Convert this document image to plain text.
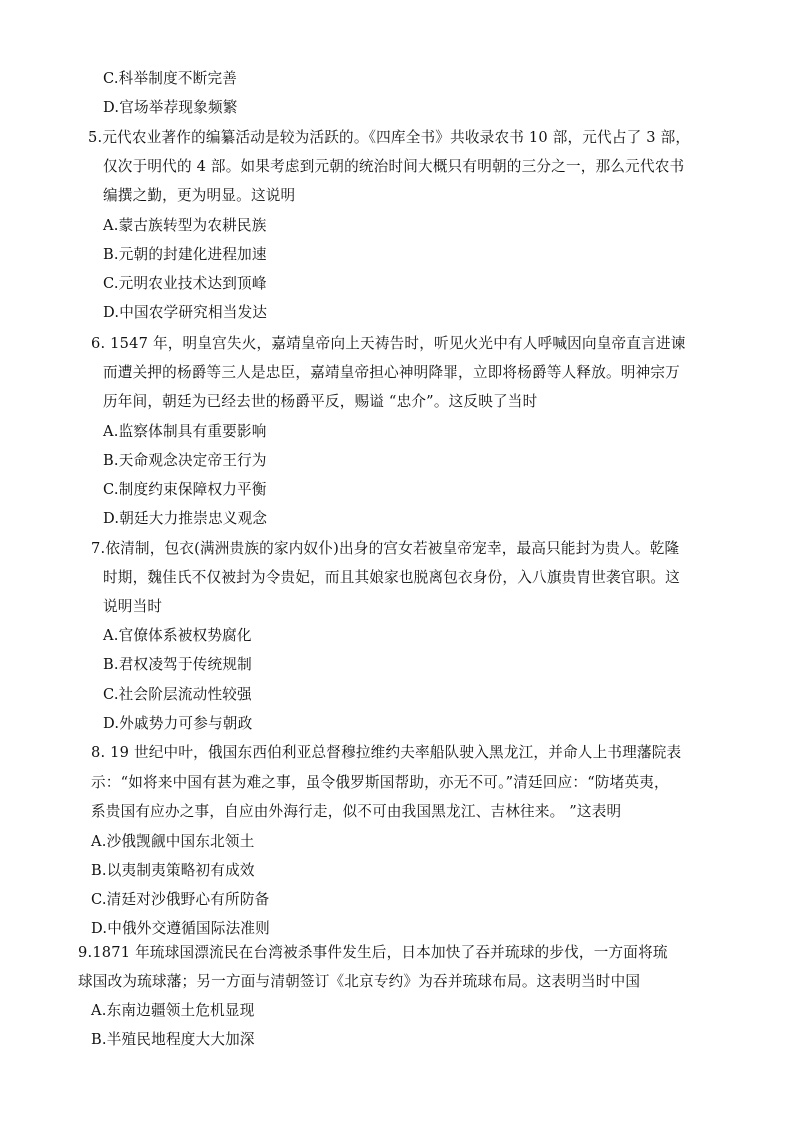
C.科举制度不断完善
D.官场举荐现象频繁
5.元代农业著作的编纂活动是较为活跃的。《四库全书》共收录农书 10 部，元代占了 3 部，
仅次于明代的 4 部。如果考虑到元朝的统治时间大概只有明朝的三分之一，那么元代农书
编撰之勤，更为明显。这说明
A.蒙古族转型为农耕民族
B.元朝的封建化进程加速
C.元明农业技术达到顶峰
D.中国农学研究相当发达
6. 1547 年，明皇宫失火，嘉靖皇帝向上天祷告时，听见火光中有人呼喊因向皇帝直言进谏
而遭关押的杨爵等三人是忠臣，嘉靖皇帝担心神明降罪，立即将杨爵等人释放。明神宗万
历年间，朝廷为已经去世的杨爵平反，赐谥 “忠介”。这反映了当时
A.监察体制具有重要影响
B.天命观念决定帝王行为
C.制度约束保障权力平衡
D.朝廷大力推崇忠义观念
7.依清制，包衣(满洲贵族的家内奴仆)出身的宫女若被皇帝宠幸，最高只能封为贵人。乾隆
时期，魏佳氏不仅被封为令贵妃，而且其娘家也脱离包衣身份，入八旗贵胄世袭官职。这
说明当时
A.官僚体系被权势腐化
B.君权凌驾于传统规制
C.社会阶层流动性较强
D.外戚势力可参与朝政
8. 19 世纪中叶，俄国东西伯利亚总督穆拉维约夫率船队驶入黑龙江，并命人上书理藩院表
示：“如将来中国有甚为难之事，虽令俄罗斯国帮助，亦无不可。”清廷回应：“防堵英夷，
系贵国有应办之事，自应由外海行走，似不可由我国黑龙江、吉林往来。 ”这表明
A.沙俄觊觎中国东北领土
B.以夷制夷策略初有成效
C.清廷对沙俄野心有所防备
D.中俄外交遵循国际法准则
9.1871 年琉球国漂流民在台湾被杀事件发生后，日本加快了吞并琉球的步伐，一方面将琉
球国改为琉球藩；另一方面与清朝签订《北京专约》为吞并琉球布局。这表明当时中国
A.东南边疆领土危机显现
B.半殖民地程度大大加深
